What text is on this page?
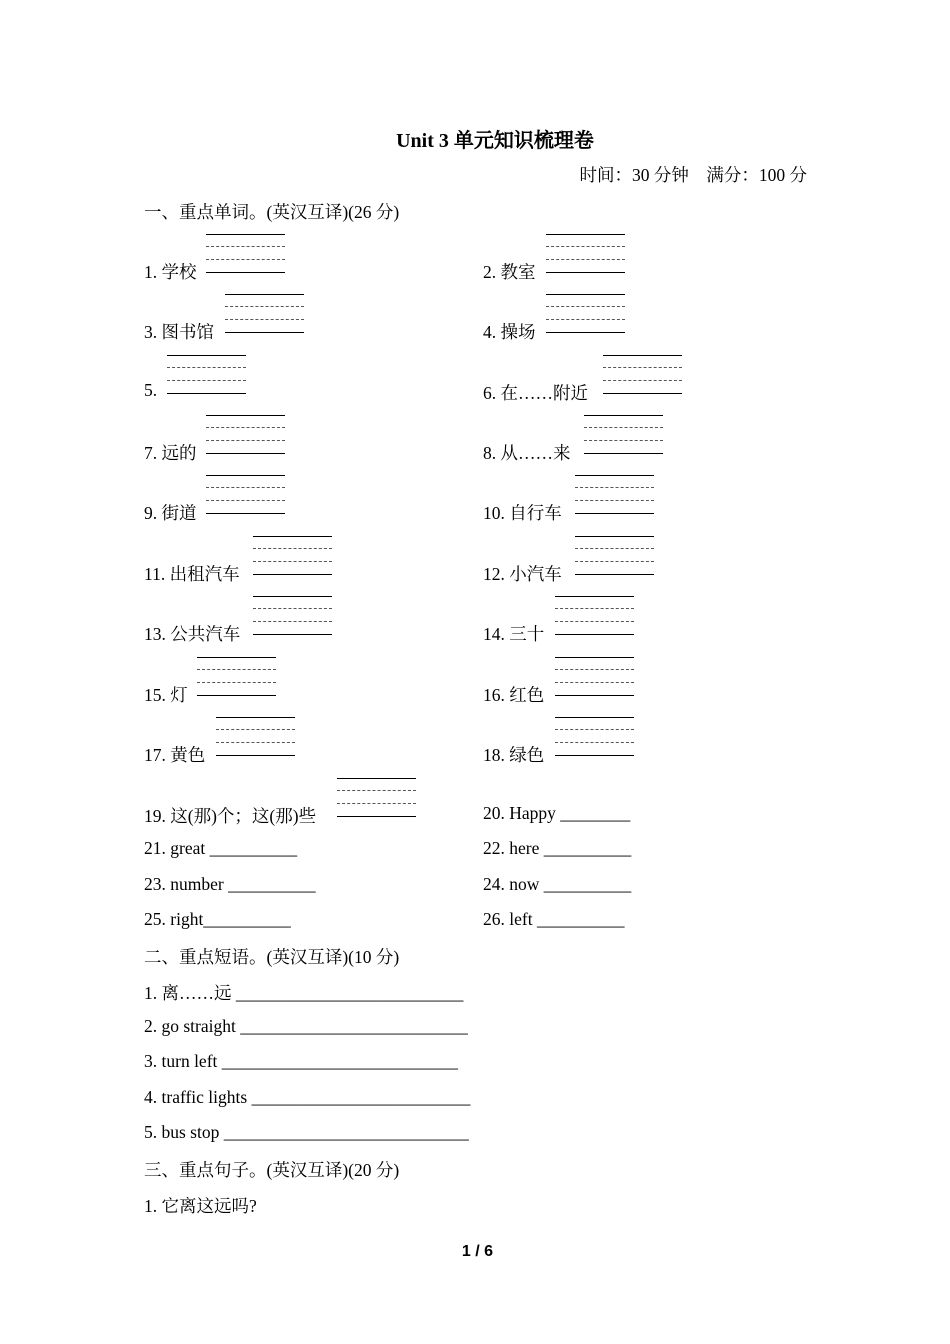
Unit 3 单元知识梳理卷
时间：30 分钟　满分：100 分
一、重点单词。(英汉互译)(26 分)
1. 学校	2. 教室
3. 图书馆	4. 操场
5.	6. 在……附近
7. 远的	8. 从……来
9. 街道	10. 自行车
11. 出租汽车	12. 小汽车
13. 公共汽车	14. 三十
15. 灯	16. 红色
17. 黄色	18. 绿色
19. 这(那)个；这(那)些	20. Happy ________
21. great __________	22. here __________
23. number __________	24. now __________
25. right__________	26. left __________
二、重点短语。(英汉互译)(10 分)
1. 离……远 __________________________
2. go straight __________________________
3. turn left ___________________________
4. traffic lights _________________________
5. bus stop ____________________________
三、重点句子。(英汉互译)(20 分)
1. 它离这远吗?
1 / 6
